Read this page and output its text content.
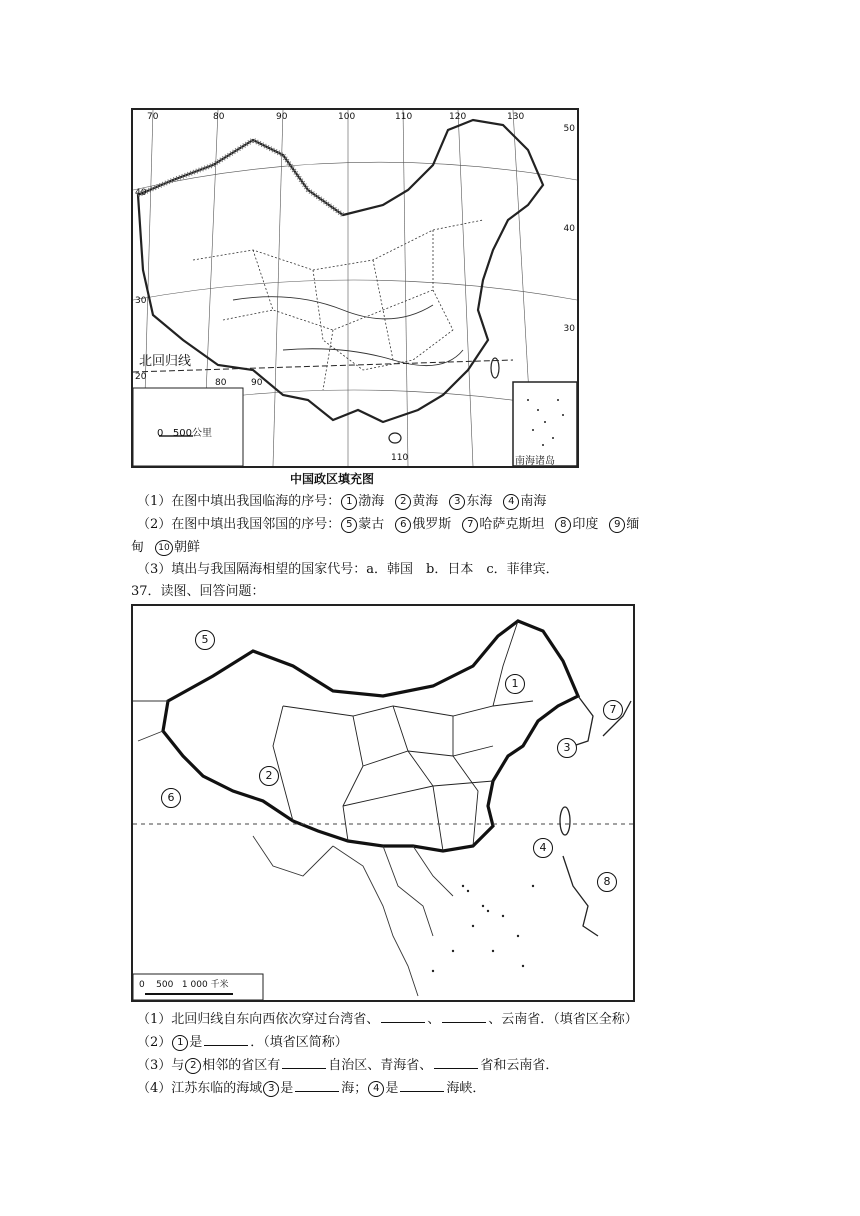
70	80	90	100	110	120	130
50
40
30
40
30
20
80	90
110
北回归线
0   500公里
南海诸岛
中国政区填充图
（1）在图中填出我国临海的序号： 1 渤海 2 黄海 3 东海 4 南海
（2）在图中填出我国邻国的序号： 5 蒙古 6 俄罗斯 7 哈萨克斯坦 8 印度 9 缅
甸 10 朝鲜
（3）填出与我国隔海相望的国家代号：a．韩国　b．日本　c．菲律宾．
37．读图、回答问题：
5
1
7
3
2
6
4
8
0    500   1 000 千米
（1）北回归线自东向西依次穿过台湾省、	、	、云南省．（填省区全称）
（2） 1 是	．（填省区简称）
（3）与 2 相邻的省区有	自治区、青海省、	省和云南省．
（4）江苏东临的海域 3 是	海； 4 是	海峡．
